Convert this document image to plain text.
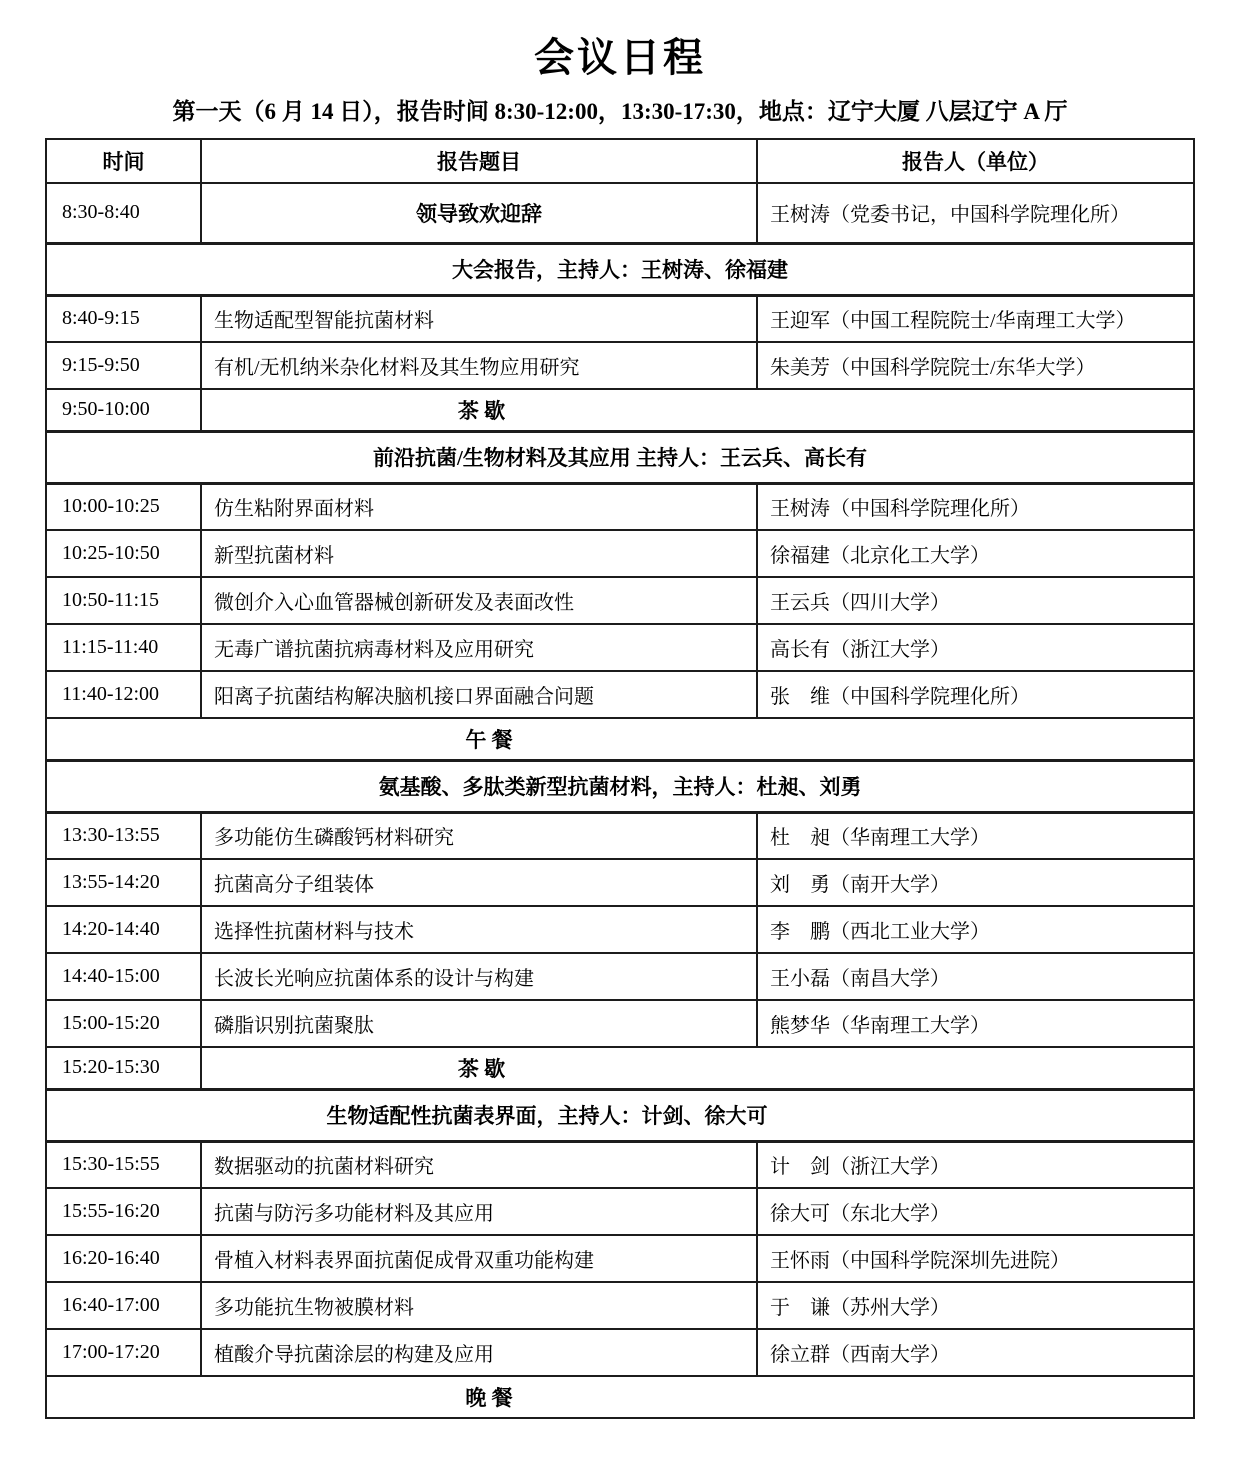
会议日程

第一天（6 月 14 日），报告时间 8:30-12:00，13:30-17:30，地点：辽宁大厦 八层辽宁 A 厅

时间	报告题目	报告人（单位）
8:30-8:40	领导致欢迎辞	王树涛（党委书记，中国科学院理化所）
大会报告，主持人：王树涛、徐福建		
8:40-9:15	生物适配型智能抗菌材料	王迎军（中国工程院院士/华南理工大学）
9:15-9:50	有机/无机纳米杂化材料及其生物应用研究	朱美芳（中国科学院院士/东华大学）
9:50-10:00	茶 歇	
前沿抗菌/生物材料及其应用 主持人：王云兵、高长有		
10:00-10:25	仿生粘附界面材料	王树涛（中国科学院理化所）
10:25-10:50	新型抗菌材料	徐福建（北京化工大学）
10:50-11:15	微创介入心血管器械创新研发及表面改性	王云兵（四川大学）
11:15-11:40	无毒广谱抗菌抗病毒材料及应用研究	高长有（浙江大学）
11:40-12:00	阳离子抗菌结构解决脑机接口界面融合问题	张　维（中国科学院理化所）
午 餐		
氨基酸、多肽类新型抗菌材料，主持人：杜昶、刘勇		
13:30-13:55	多功能仿生磷酸钙材料研究	杜　昶（华南理工大学）
13:55-14:20	抗菌高分子组装体	刘　勇（南开大学）
14:20-14:40	选择性抗菌材料与技术	李　鹏（西北工业大学）
14:40-15:00	长波长光响应抗菌体系的设计与构建	王小磊（南昌大学）
15:00-15:20	磷脂识别抗菌聚肽	熊梦华（华南理工大学）
15:20-15:30	茶 歇	
生物适配性抗菌表界面，主持人：计剑、徐大可		
15:30-15:55	数据驱动的抗菌材料研究	计　剑（浙江大学）
15:55-16:20	抗菌与防污多功能材料及其应用	徐大可（东北大学）
16:20-16:40	骨植入材料表界面抗菌促成骨双重功能构建	王怀雨（中国科学院深圳先进院）
16:40-17:00	多功能抗生物被膜材料	于　谦（苏州大学）
17:00-17:20	植酸介导抗菌涂层的构建及应用	徐立群（西南大学）
晚 餐		
